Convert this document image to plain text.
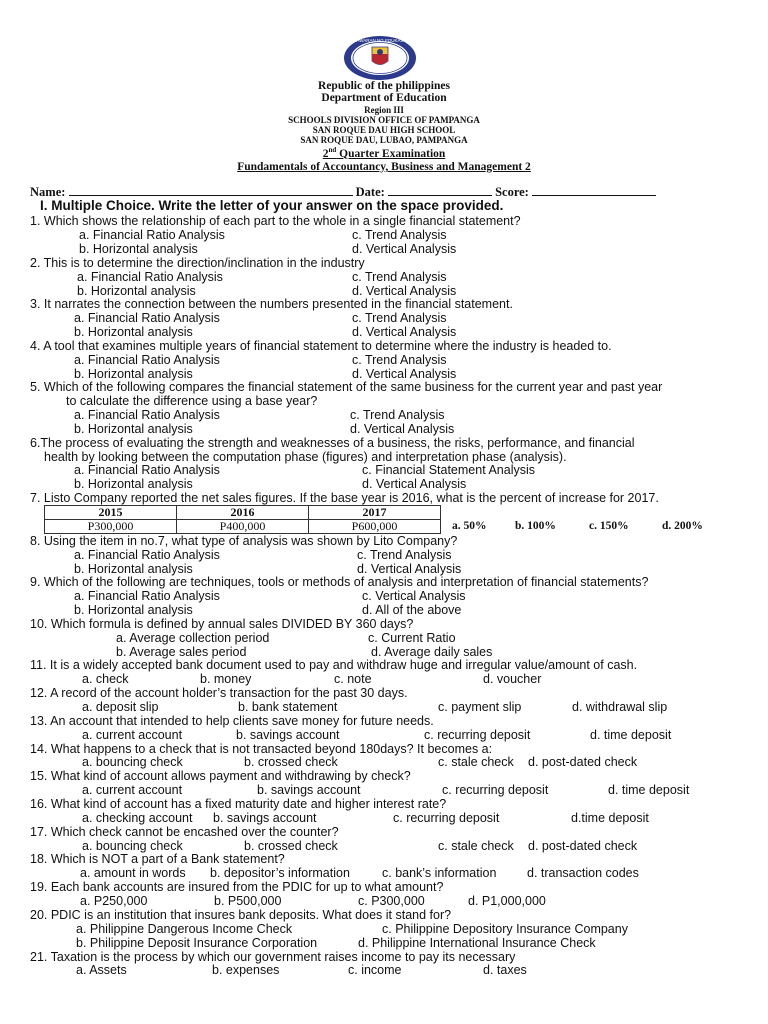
KAGAWARAN NG EDUKASYON
Republic of the philippines
Department of Education
Region III
SCHOOLS DIVISION OFFICE OF PAMPANGA
SAN ROQUE DAU HIGH SCHOOL
SAN ROQUE DAU, LUBAO, PAMPANGA
2nd Quarter Examination
Fundamentals of Accountancy, Business and Management 2
Name:	Date:	Score:
I. Multiple Choice. Write the letter of your answer on the space provided.
1. Which shows the relationship of each part to the whole in a single financial statement?
a. Financial Ratio Analysis	c. Trend Analysis
b. Horizontal analysis	d. Vertical Analysis
2. This is to determine the direction/inclination in the industry
a. Financial Ratio Analysis	c. Trend Analysis
b. Horizontal analysis	d. Vertical Analysis
3. It narrates the connection between the numbers presented in the financial statement.
a. Financial Ratio Analysis	c. Trend Analysis
b. Horizontal analysis	d. Vertical Analysis
4. A tool that examines multiple years of financial statement to determine where the industry is headed to.
a. Financial Ratio Analysis	c. Trend Analysis
b. Horizontal analysis	d. Vertical Analysis
5. Which of the following compares the financial statement of the same business for the current year and past year
to calculate the difference using a base year?
a. Financial Ratio Analysis	c. Trend Analysis
b. Horizontal analysis	d. Vertical Analysis
6.The process of evaluating the strength and weaknesses of a business, the risks, performance, and financial
health by looking between the computation phase (figures) and interpretation phase (analysis).
a. Financial Ratio Analysis	c. Financial Statement Analysis
b. Horizontal analysis	d. Vertical Analysis
7. Listo Company reported the net sales figures. If the base year is 2016, what is the percent of increase for 2017.
8. Using the item in no.7, what type of analysis was shown by Lito Company?
a. Financial Ratio Analysis	c. Trend Analysis
b. Horizontal analysis	d. Vertical Analysis
9. Which of the following are techniques, tools or methods of analysis and interpretation of financial statements?
a. Financial Ratio Analysis	c. Vertical Analysis
b. Horizontal analysis	d. All of the above
10. Which formula is defined by annual sales DIVIDED BY 360 days?
a. Average collection period	c. Current Ratio
b. Average sales period	d. Average daily sales
11. It is a widely accepted bank document used to pay and withdraw huge and irregular value/amount of cash.
a. check	b. money	c. note	d. voucher
12. A record of the account holder’s transaction for the past 30 days.
a. deposit slip	b. bank statement	c. payment slip	d. withdrawal slip
13. An account that intended to help clients save money for future needs.
a. current account	b. savings account	c. recurring deposit	d. time deposit
14. What happens to a check that is not transacted beyond 180days? It becomes a:
a. bouncing check	b. crossed check	c. stale check d. post-dated check
15. What kind of account allows payment and withdrawing by check?
a. current account	b. savings account	c. recurring deposit	d. time deposit
16. What kind of account has a fixed maturity date and higher interest rate?
a. checking account b. savings account	c. recurring deposit	d.time deposit
17. Which check cannot be encashed over the counter?
a. bouncing check	b. crossed check	c. stale check d. post-dated check
18. Which is NOT a part of a Bank statement?
a. amount in words b. depositor’s information	c. bank’s information d. transaction codes
19. Each bank accounts are insured from the PDIC for up to what amount?
a. P250,000	b. P500,000	c. P300,000	d. P1,000,000
20. PDIC is an institution that insures bank deposits. What does it stand for?
a. Philippine Dangerous Income Check	c. Philippine Depository Insurance Company
b. Philippine Deposit Insurance Corporation	d. Philippine International Insurance Check
21. Taxation is the process by which our government raises income to pay its necessary
a. Assets	b. expenses	c. income	d. taxes
2015	2016	2017
P300,000	P400,000	P600,000	a. 50% b. 100%	c. 150%	d. 200%
